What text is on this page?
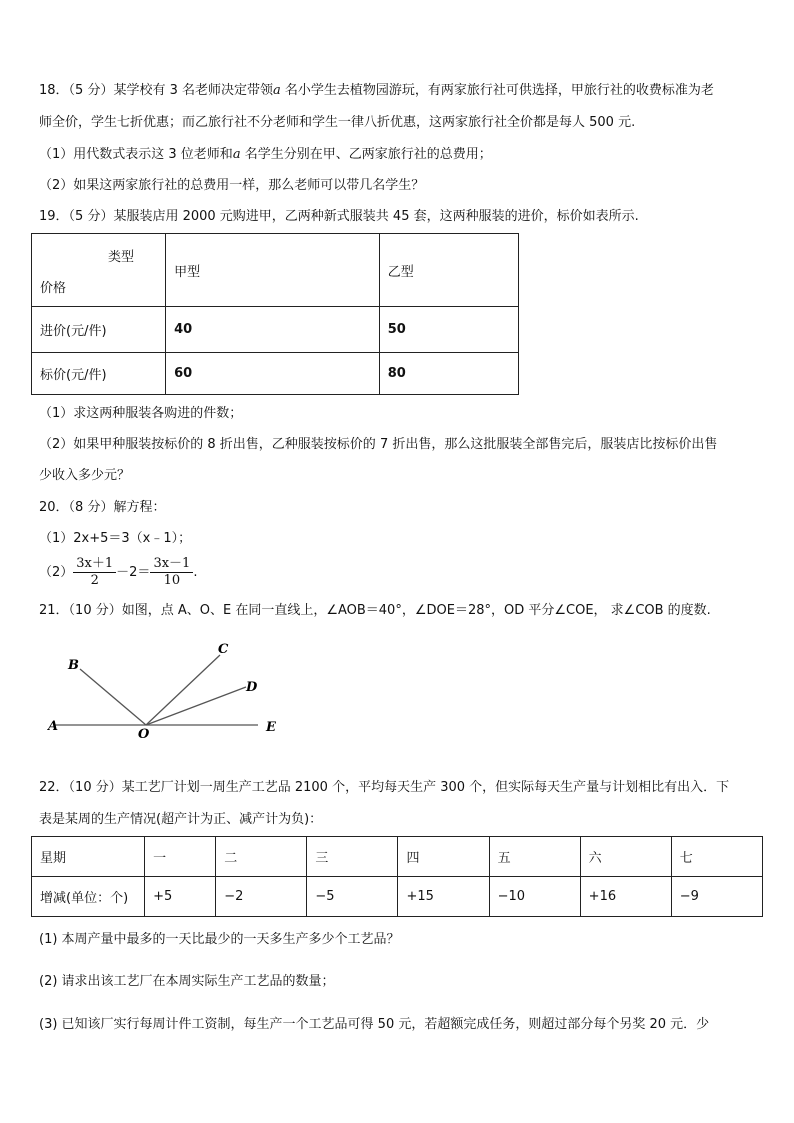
18．（5 分）某学校有 3 名老师决定带领a 名小学生去植物园游玩，有两家旅行社可供选择，甲旅行社的收费标准为老
师全价，学生七折优惠；而乙旅行社不分老师和学生一律八折优惠，这两家旅行社全价都是每人 500 元.
（1）用代数式表示这 3 位老师和a 名学生分别在甲、乙两家旅行社的总费用；
（2）如果这两家旅行社的总费用一样，那么老师可以带几名学生？
19．（5 分）某服装店用 2000 元购进甲，乙两种新式服装共 45 套，这两种服装的进价，标价如表所示.
类型
价格	甲型	乙型
进价(元/件)	40	50
标价(元/件)	60	80
（1）求这两种服装各购进的件数；
（2）如果甲种服装按标价的 8 折出售，乙种服装按标价的 7 折出售，那么这批服装全部售完后，服装店比按标价出售
少收入多少元？
20．（8 分）解方程：
（1）2x+5＝3（x﹣1）；
$(2) \frac{3x+1}{2} -2= \frac{3x-1}{10}$ .
21．（10 分）如图，点 A、O、E 在同一直线上，∠AOB＝40°，∠DOE＝28°，OD 平分∠COE， 求∠COB 的度数.
A
B
C
D
O	E
22．（10 分）某工艺厂计划一周生产工艺品 2100 个，平均每天生产 300 个，但实际每天生产量与计划相比有出入．下
表是某周的生产情况(超产计为正、减产计为负)：
星期	一	二	三	四	五	六	七
增减(单位：个)	+5	−2	−5	+15	−10	+16	−9
(1) 本周产量中最多的一天比最少的一天多生产多少个工艺品？
(2) 请求出该工艺厂在本周实际生产工艺品的数量；
(3) 已知该厂实行每周计件工资制，每生产一个工艺品可得 50 元，若超额完成任务，则超过部分每个另奖 20 元．少
